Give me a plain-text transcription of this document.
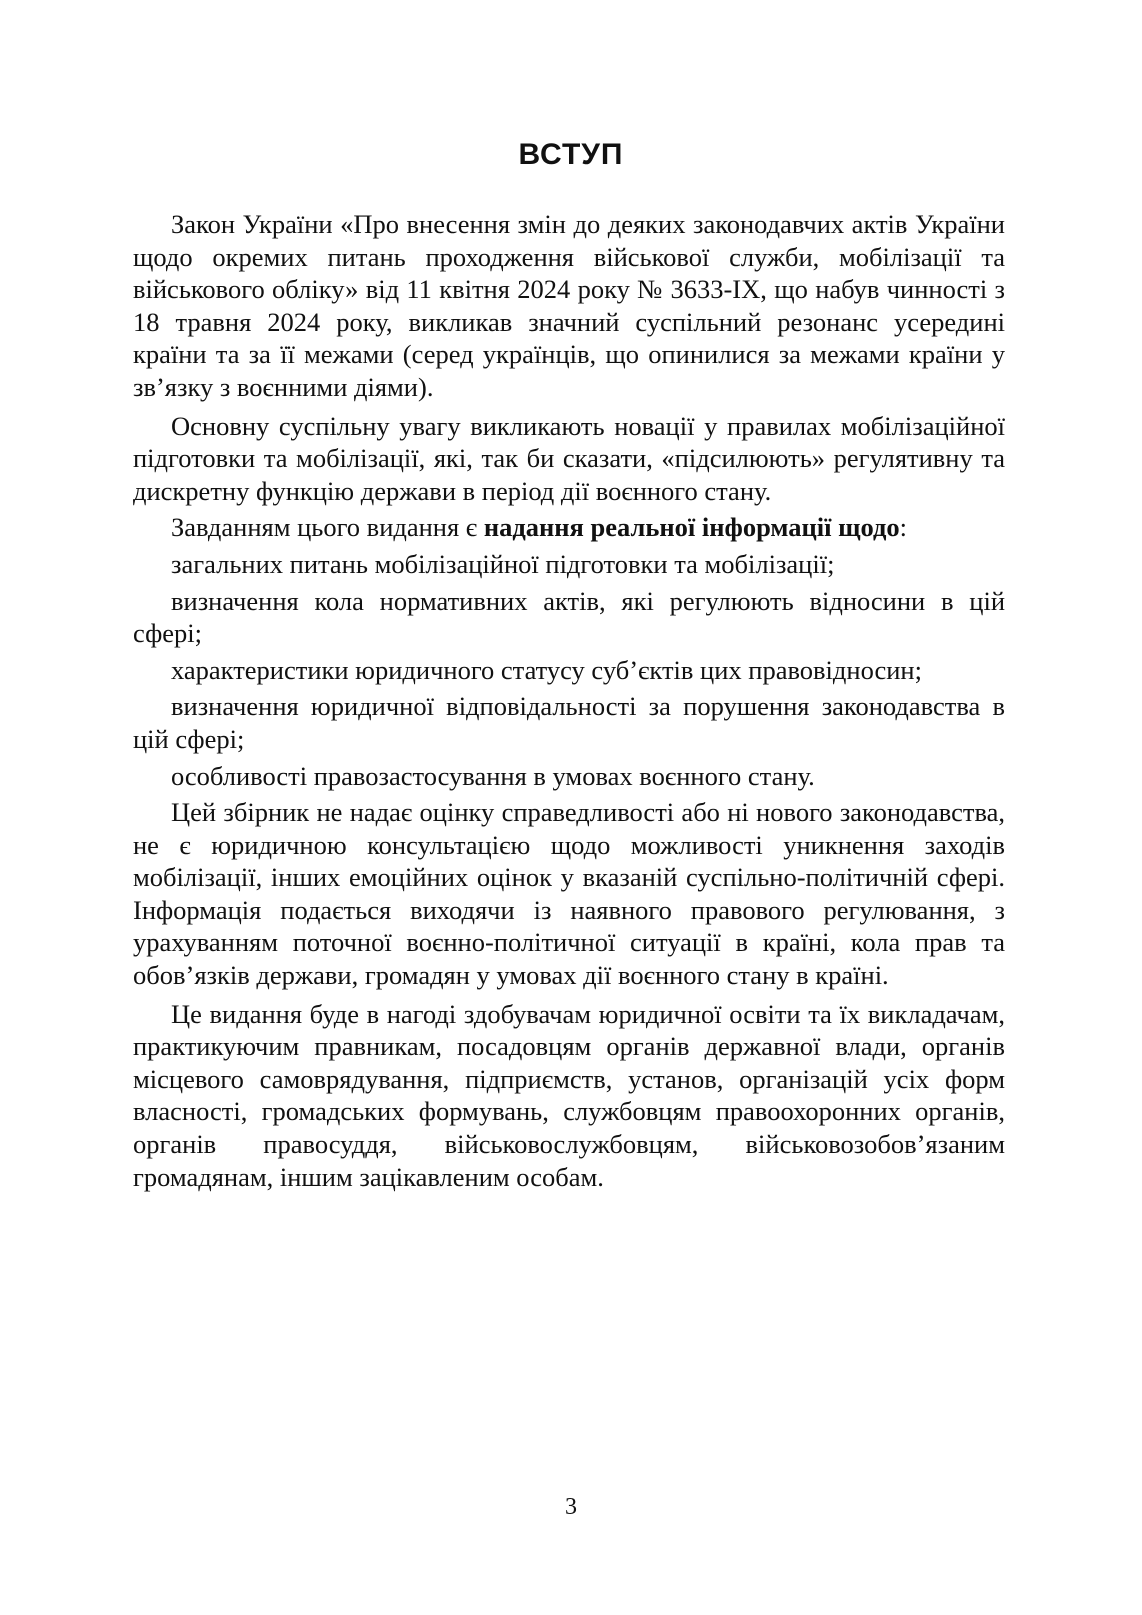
ВСТУП

Закон України «Про внесення змін до деяких законодавчих актів України щодо окремих питань проходження військової служби, мобілізації та військового обліку» від 11 квітня 2024 року № 3633-ІХ, що набув чинності з 18 травня 2024 року, викликав значний суспільний резонанс усередині країни та за її межами (серед українців, що опинилися за межами країни у зв’язку з воєнними діями).

Основну суспільну увагу викликають новації у правилах мобілізаційної підготовки та мобілізації, які, так би сказати, «підсилюють» регулятивну та дискретну функцію держави в період дії воєнного стану.

Завданням цього видання є надання реальної інформації щодо:

загальних питань мобілізаційної підготовки та мобілізації;

визначення кола нормативних актів, які регулюють відносини в цій сфері;

характеристики юридичного статусу суб’єктів цих правовідносин;

визначення юридичної відповідальності за порушення законодавства в цій сфері;

особливості правозастосування в умовах воєнного стану.

Цей збірник не надає оцінку справедливості або ні нового законодавства, не є юридичною консультацією щодо можливості уникнення заходів мобілізації, інших емоційних оцінок у вказаній суспільно-політичній сфері. Інформація подається виходячи із наявного правового регулювання, з урахуванням поточної воєнно-політичної ситуації в країні, кола прав та обов’язків держави, громадян у умовах дії воєнного стану в країні.

Це видання буде в нагоді здобувачам юридичної освіти та їх викладачам, практикуючим правникам, посадовцям органів державної влади, органів місцевого самоврядування, підприємств, установ, організацій усіх форм власності, громадських формувань, службовцям правоохоронних органів, органів правосуддя, військовослужбовцям, військовозобов’язаним громадянам, іншим зацікавленим особам.

3
